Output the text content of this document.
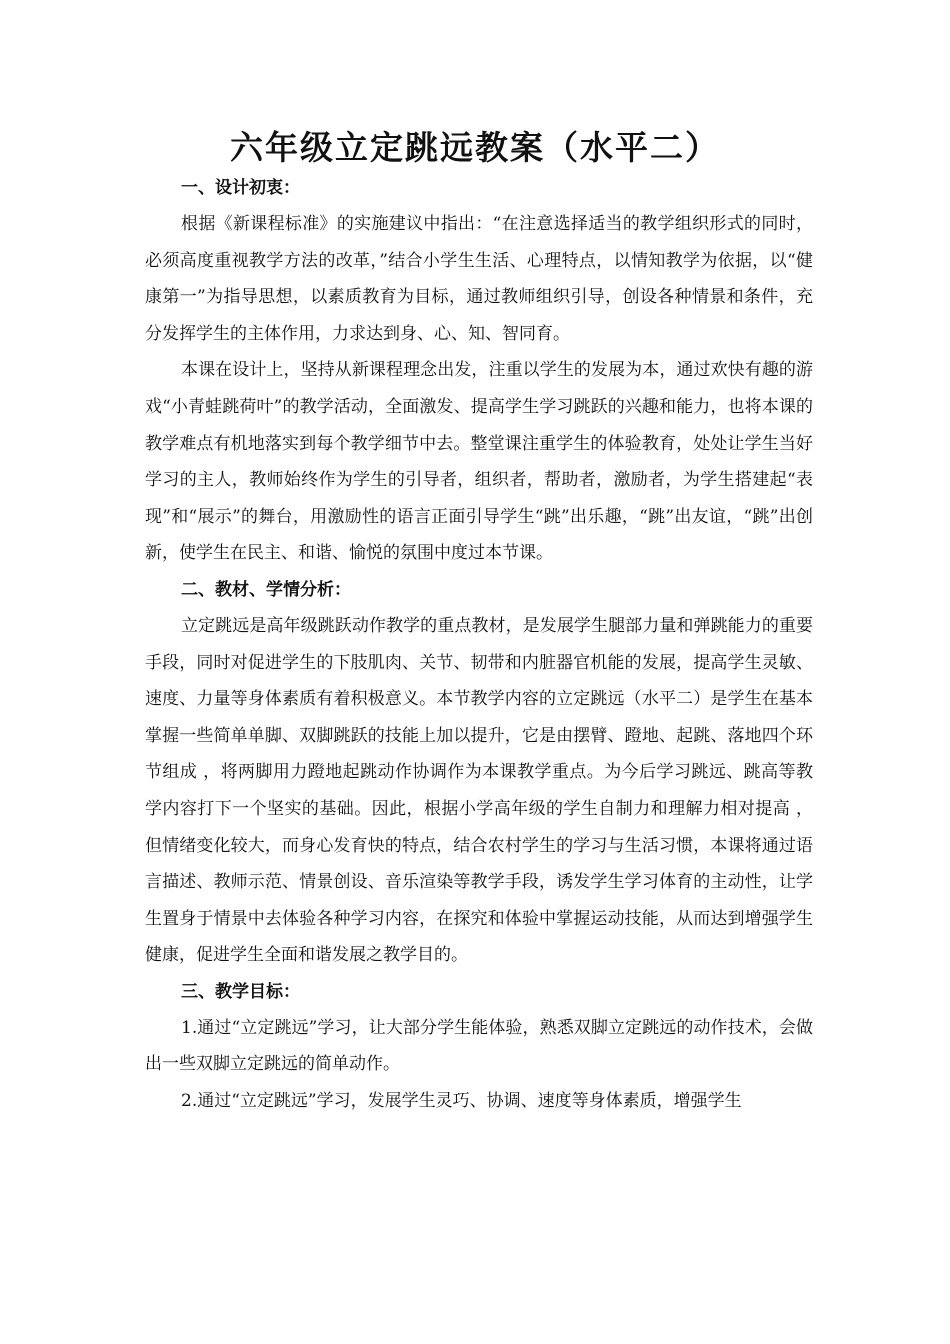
六年级立定跳远教案（水平二）
一、设计初衷：

根据《新课程标准》的实施建议中指出：“在注意选择适当的教学组织形式的同时，必须高度重视教学方法的改革，”结合小学生生活、心理特点，以情知教学为依据，以“健康第一”为指导思想，以素质教育为目标，通过教师组织引导，创设各种情景和条件，充分发挥学生的主体作用，力求达到身、心、知、智同育。

本课在设计上，坚持从新课程理念出发，注重以学生的发展为本，通过欢快有趣的游戏“小青蛙跳荷叶”的教学活动，全面激发、提高学生学习跳跃的兴趣和能力，也将本课的教学难点有机地落实到每个教学细节中去。整堂课注重学生的体验教育，处处让学生当好学习的主人，教师始终作为学生的引导者，组织者，帮助者，激励者，为学生搭建起“表现”和“展示”的舞台，用激励性的语言正面引导学生“跳”出乐趣，“跳”出友谊，“跳”出创新，使学生在民主、和谐、愉悦的氛围中度过本节课。

二、教材、学情分析：

立定跳远是高年级跳跃动作教学的重点教材，是发展学生腿部力量和弹跳能力的重要手段，同时对促进学生的下肢肌肉、关节、韧带和内脏器官机能的发展，提高学生灵敏、速度、力量等身体素质有着积极意义。本节教学内容的立定跳远（水平二）是学生在基本掌握一些简单单脚、双脚跳跃的技能上加以提升，它是由摆臂、蹬地、起跳、落地四个环节组成 ，将两脚用力蹬地起跳动作协调作为本课教学重点。为今后学习跳远、跳高等教学内容打下一个坚实的基础。因此，根据小学高年级的学生自制力和理解力相对提高 ，但情绪变化较大，而身心发育快的特点，结合农村学生的学习与生活习惯，本课将通过语言描述、教师示范、情景创设、音乐渲染等教学手段，诱发学生学习体育的主动性，让学生置身于情景中去体验各种学习内容，在探究和体验中掌握运动技能，从而达到增强学生健康，促进学生全面和谐发展之教学目的。

三、教学目标：

1.通过“立定跳远”学习，让大部分学生能体验，熟悉双脚立定跳远的动作技术，会做出一些双脚立定跳远的简单动作。

2.通过“立定跳远”学习，发展学生灵巧、协调、速度等身体素质，增强学生
